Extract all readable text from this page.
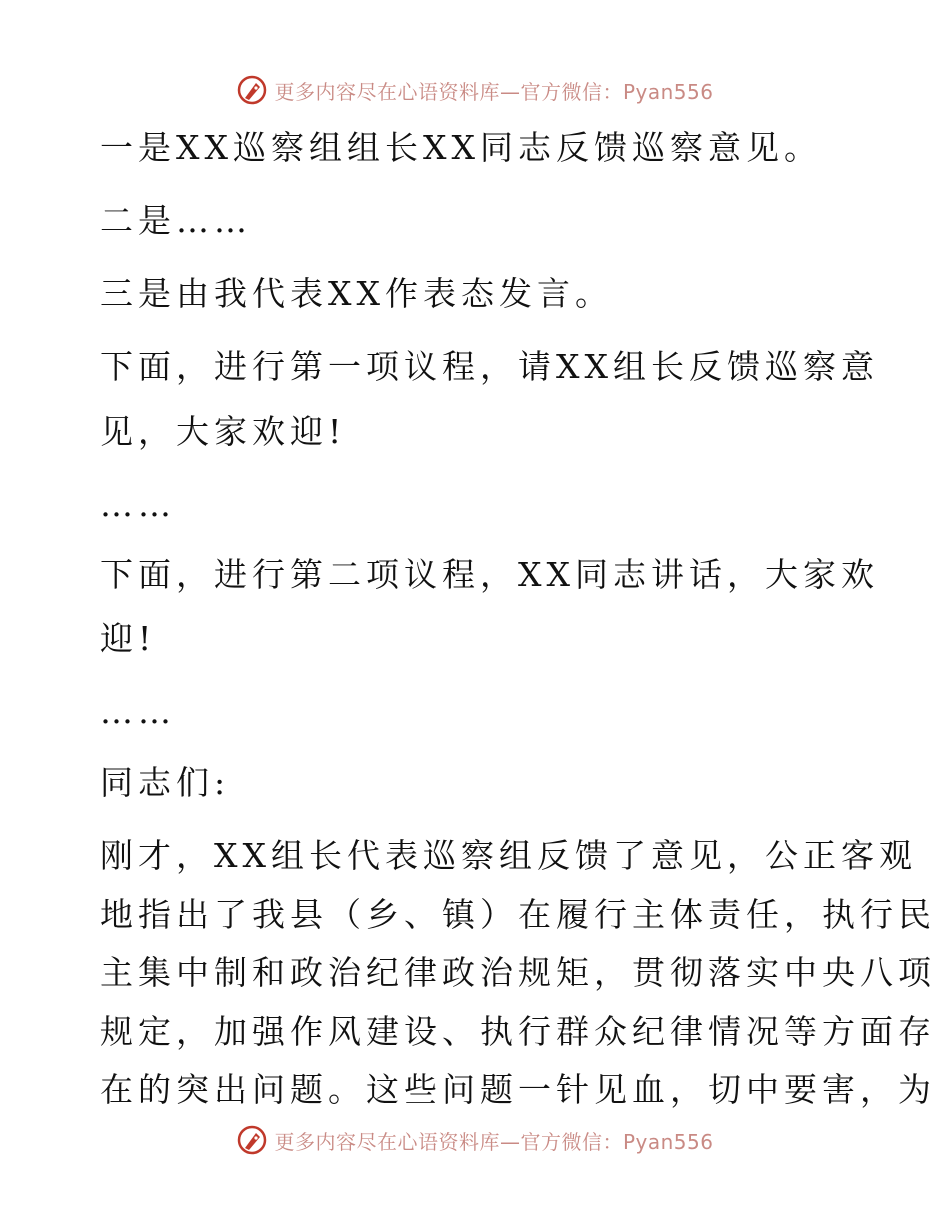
更多内容尽在心语资料库—官方微信：Pyan556
一是XX巡察组组长XX同志反馈巡察意见。
二是……
三是由我代表XX作表态发言。
下面，进行第一项议程，请XX组长反馈巡察意
见，大家欢迎!
……
下面，进行第二项议程，XX同志讲话，大家欢
迎!
……
同志们:
刚才，XX组长代表巡察组反馈了意见，公正客观
地指出了我县（乡、镇）在履行主体责任，执行民
主集中制和政治纪律政治规矩，贯彻落实中央八项
规定，加强作风建设、执行群众纪律情况等方面存
在的突出问题。这些问题一针见血，切中要害，为
更多内容尽在心语资料库—官方微信：Pyan556
